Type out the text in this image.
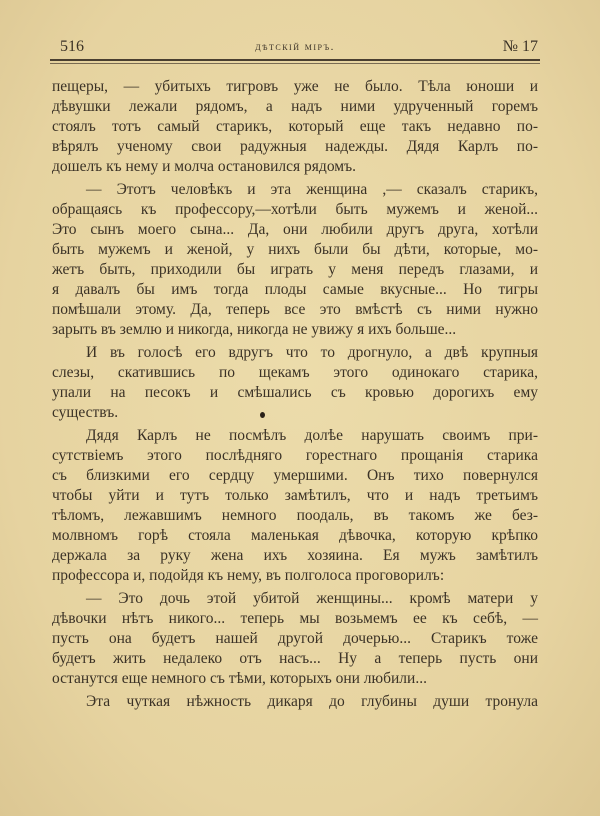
516	дѣтскій міръ.	№ 17
пещеры, — убитыхъ тигровъ уже не было. Тѣла юноши и
дѣвушки лежали рядомъ, а надъ ними удрученный горемъ
стоялъ тотъ самый старикъ, который еще такъ недавно по-
вѣрялъ ученому свои радужныя надежды. Дядя Карлъ по-
дошелъ къ нему и молча остановился рядомъ.
— Этотъ человѣкъ и эта женщина ,— сказалъ старикъ,
обращаясь къ профессору,—хотѣли быть мужемъ и женой...
Это сынъ моего сына... Да, они любили другъ друга, хотѣли
быть мужемъ и женой, у нихъ были бы дѣти, которые, мо-
жетъ быть, приходили бы играть у меня передъ глазами, и
я давалъ бы имъ тогда плоды самые вкусные... Но тигры
помѣшали этому. Да, теперь все это вмѣстѣ съ ними нужно
зарыть въ землю и никогда, никогда не увижу я ихъ больше...
И въ голосѣ его вдругъ что то дрогнуло, а двѣ крупныя
слезы, скатившись по щекамъ этого одинокаго старика,
упали на песокъ и смѣшались съ кровью дорогихъ ему
существъ.
Дядя Карлъ не посмѣлъ долѣе нарушать своимъ при-
сутствіемъ этого послѣдняго горестнаго прощанія старика
съ близкими его сердцу умершими. Онъ тихо повернулся
чтобы уйти и тутъ только замѣтилъ, что и надъ третьимъ
тѣломъ, лежавшимъ немного поодаль, въ такомъ же без-
молвномъ горѣ стояла маленькая дѣвочка, которую крѣпко
держала за руку жена ихъ хозяина. Ея мужъ замѣтилъ
профессора и, подойдя къ нему, въ полголоса проговорилъ:
— Это дочь этой убитой женщины... кромѣ матери у
дѣвочки нѣтъ никого... теперь мы возьмемъ ее къ себѣ, —
пусть она будетъ нашей другой дочерью... Старикъ тоже
будетъ жить недалеко отъ насъ... Ну а теперь пусть они
останутся еще немного съ тѣми, которыхъ они любили...
Эта чуткая нѣжность дикаря до глубины души тронула
